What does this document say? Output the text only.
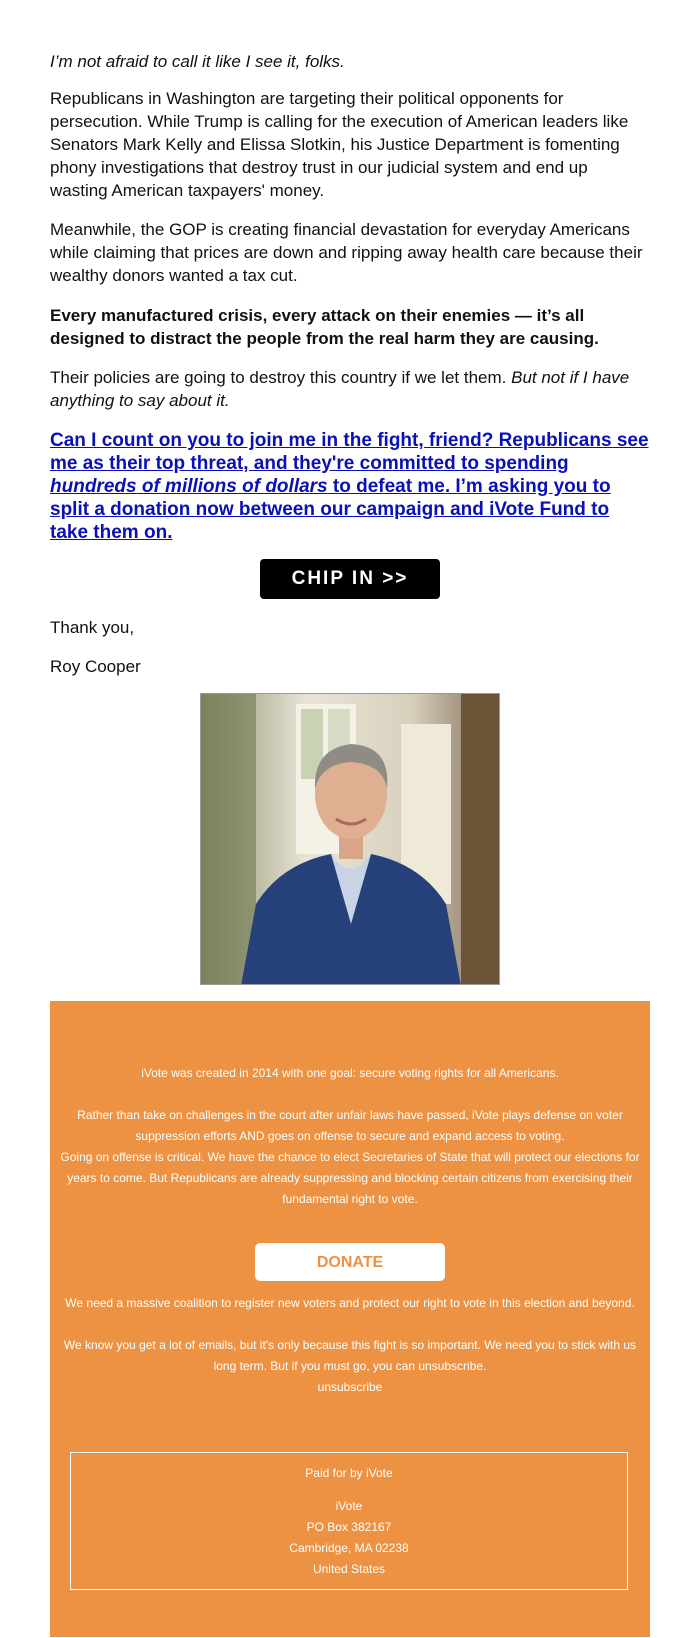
I’m not afraid to call it like I see it, folks.

Republicans in Washington are targeting their political opponents for persecution. While Trump is calling for the execution of American leaders like Senators Mark Kelly and Elissa Slotkin, his Justice Department is fomenting phony investigations that destroy trust in our judicial system and end up wasting American taxpayers' money.

Meanwhile, the GOP is creating financial devastation for everyday Americans while claiming that prices are down and ripping away health care because their wealthy donors wanted a tax cut.

Every manufactured crisis, every attack on their enemies — it’s all designed to distract the people from the real harm they are causing.

Their policies are going to destroy this country if we let them. But not if I have anything to say about it.

Can I count on you to join me in the fight, friend? Republicans see me as their top threat, and they're committed to spending hundreds of millions of dollars to defeat me. I’m asking you to split a donation now between our campaign and iVote Fund to take them on.
CHIP IN >>

Thank you,

Roy Cooper

iVote was created in 2014 with one goal: secure voting rights for all Americans.

Rather than take on challenges in the court after unfair laws have passed, iVote plays defense on voter suppression efforts AND goes on offense to secure and expand access to voting.

Going on offense is critical. We have the chance to elect Secretaries of State that will protect our elections for years to come. But Republicans are already suppressing and blocking certain citizens from exercising their fundamental right to vote.

DONATE

We need a massive coalition to register new voters and protect our right to vote in this election and beyond.

We know you get a lot of emails, but it's only because this fight is so important. We need you to stick with us long term. But if you must go, you can unsubscribe.

unsubscribe

Paid for by iVote

iVote

PO Box 382167

Cambridge, MA 02238

United States
